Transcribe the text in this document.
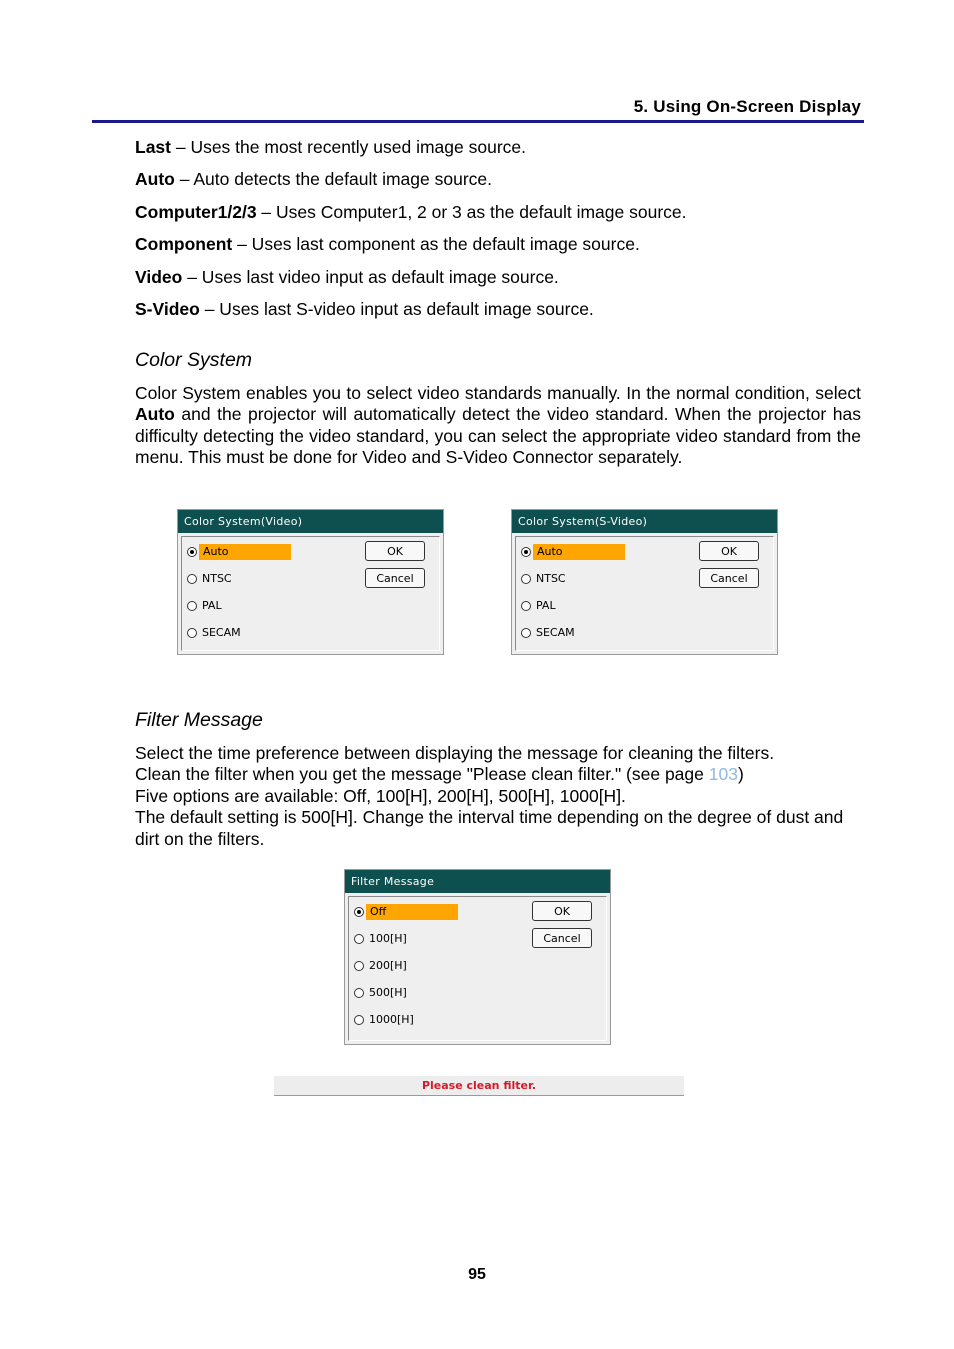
5. Using On-Screen Display

Last – Uses the most recently used image source.

Auto – Auto detects the default image source.

Computer1/2/3 – Uses Computer1, 2 or 3 as the default image source.

Component – Uses last component as the default image source.

Video – Uses last video input as default image source.

S-Video – Uses last S-video input as default image source.

Color System
Color System enables you to select video standards manually. In the normal condition, select Auto and the projector will automatically detect the video standard. When the projector has difficulty detecting the video standard, you can select the appropriate video standard from the menu. This must be done for Video and S-Video Connector separately.
Color System(Video)
Auto
NTSC
PAL
SECAM
OK
Cancel
Color System(S-Video)
Auto
NTSC
PAL
SECAM
OK
Cancel
Filter Message
Select the time preference between displaying the message for cleaning the filters.
Clean the filter when you get the message "Please clean filter." (see page 103)
Five options are available: Off, 100[H], 200[H], 500[H], 1000[H].
The default setting is 500[H]. Change the interval time depending on the degree of dust and dirt on the filters.
Filter Message
Off
100[H]
200[H]
500[H]
1000[H]
OK
Cancel
Please clean filter.
95
